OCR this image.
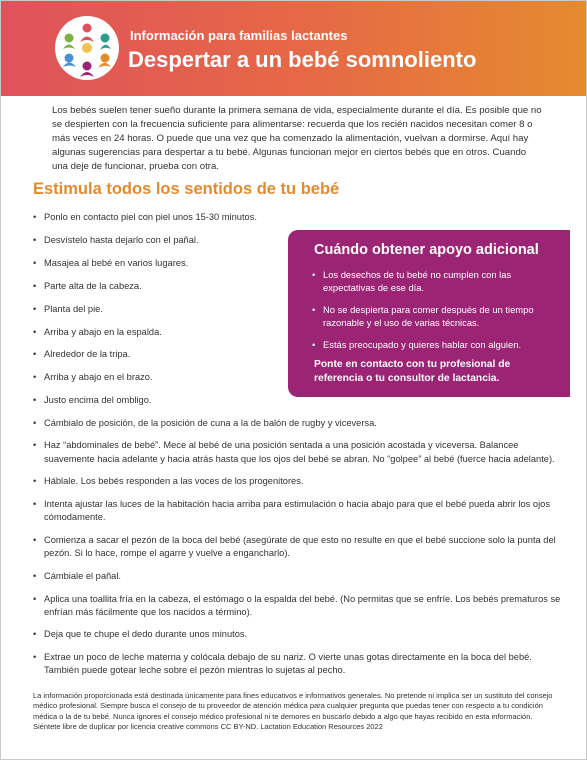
Información para familias lactantes
Despertar a un bebé somnoliento

Los bebés suelen tener sueño durante la primera semana de vida, especialmente durante el día. Es posible que no se despierten con la frecuencia suficiente para alimentarse: recuerda que los recién nacidos necesitan comer 8 o más veces en 24 horas. O puede que una vez que ha comenzado la alimentación, vuelvan a dormirse. Aquí hay algunas sugerencias para despertar a tu bebé. Algunas funcionan mejor en ciertos bebés que en otros. Cuando una deje de funcionar, prueba con otra.

Estimula todos los sentidos de tu bebé
• Ponlo en contacto piel con piel unos 15-30 minutos.
• Desvístelo hasta dejarlo con el pañal.
• Masajea al bebé en varios lugares.
• Parte alta de la cabeza.
• Planta del pie.
• Arriba y abajo en la espalda.
• Alrededor de la tripa.
• Arriba y abajo en el brazo.
• Justo encima del ombligo.
• Cámbialo de posición, de la posición de cuna a la de balón de rugby y viceversa.
• Haz “abdominales de bebé”. Mece al bebé de una posición sentada a una posición acostada y viceversa. Balancee suavemente hacia adelante y hacia atrás hasta que los ojos del bebé se abran. No “golpee” al bebé (fuerce hacia adelante).
• Háblale. Los bebés responden a las voces de los progenitores.
• Intenta ajustar las luces de la habitación hacia arriba para estimulación o hacia abajo para que el bebé pueda abrir los ojos cómodamente.
• Comienza a sacar el pezón de la boca del bebé (asegúrate de que esto no resulte en que el bebé succione solo la punta del pezón. Si lo hace, rompe el agarre y vuelve a engancharlo).
• Cámbiale el pañal.
• Aplica una toallita fría en la cabeza, el estómago o la espalda del bebé. (No permitas que se enfríe. Los bebés prematuros se enfrían más fácilmente que los nacidos a término).
• Deja que te chupe el dedo durante unos minutos.
• Extrae un poco de leche materna y colócala debajo de su nariz. O vierte unas gotas directamente en la boca del bebé. También puede gotear leche sobre el pezón mientras lo sujetas al pecho.
Cuándo obtener apoyo adicional
• Los desechos de tu bebé no cumplen con las expectativas de ese día.
• No se despierta para comer después de un tiempo razonable y el uso de varias técnicas.
• Estás preocupado y quieres hablar con alguien.
Ponte en contacto con tu profesional de referencia o tu consultor de lactancia.

La información proporcionada está destinada únicamente para fines educativos e informativos generales. No pretende ni implica ser un sustituto del consejo médico profesional. Siempre busca el consejo de tu proveedor de atención médica para cualquier pregunta que puedas tener con respecto a tu condición médica o la de tu bebé. Nunca ignores el consejo médico profesional ni te demores en buscarlo debido a algo que hayas recibido en esta información. Siéntete libre de duplicar por licencia creative commons CC BY-ND. Lactation Education Resources 2022
